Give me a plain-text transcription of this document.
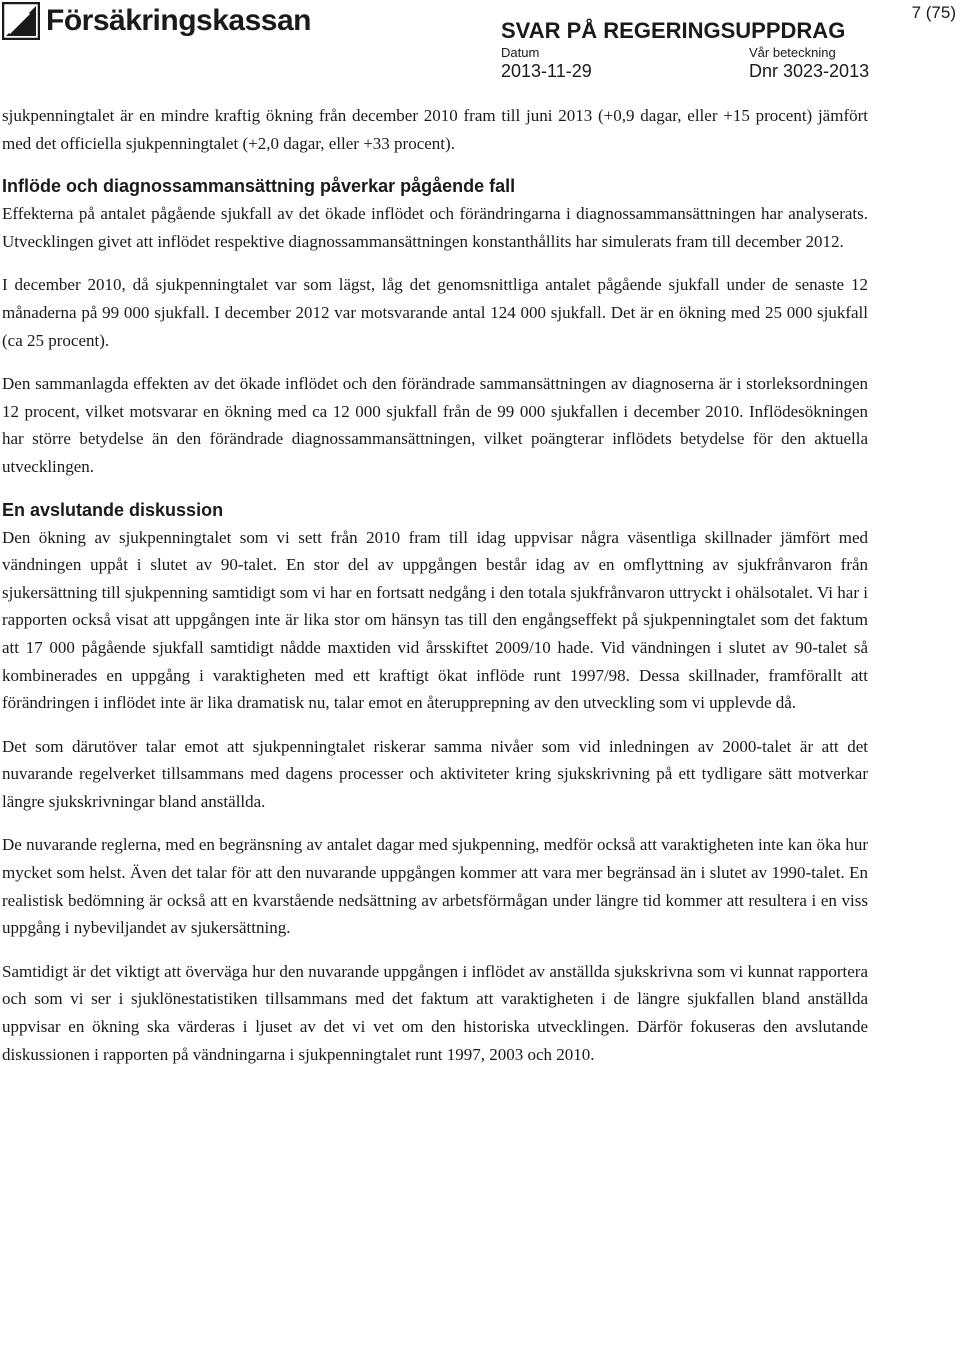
Försäkringskassan	SVAR PÅ REGERINGSUPPDRAG
Datum
2013-11-29
Vår beteckning
Dnr 3023-2013
7 (75)

sjukpenningtalet är en mindre kraftig ökning från december 2010 fram till juni 2013 (+0,9 dagar, eller +15 procent) jämfört med det officiella sjukpenningtalet (+2,0 dagar, eller +33 procent).

Inflöde och diagnossammansättning påverkar pågående fall

Effekterna på antalet pågående sjukfall av det ökade inflödet och förändringarna i diagnossammansättningen har analyserats. Utvecklingen givet att inflödet respektive diagnossammansättningen konstanthållits har simulerats fram till december 2012.

I december 2010, då sjukpenningtalet var som lägst, låg det genomsnittliga antalet pågående sjukfall under de senaste 12 månaderna på 99 000 sjukfall. I december 2012 var motsvarande antal 124 000 sjukfall. Det är en ökning med 25 000 sjukfall (ca 25 procent).

Den sammanlagda effekten av det ökade inflödet och den förändrade sammansättningen av diagnoserna är i storleksordningen 12 procent, vilket motsvarar en ökning med ca 12 000 sjukfall från de 99 000 sjukfallen i december 2010. Inflödesökningen har större betydelse än den förändrade diagnossammansättningen, vilket poängterar inflödets betydelse för den aktuella utvecklingen.

En avslutande diskussion

Den ökning av sjukpenningtalet som vi sett från 2010 fram till idag uppvisar några väsentliga skillnader jämfört med vändningen uppåt i slutet av 90-talet. En stor del av uppgången består idag av en omflyttning av sjukfrånvaron från sjukersättning till sjukpenning samtidigt som vi har en fortsatt nedgång i den totala sjukfrånvaron uttryckt i ohälsotalet. Vi har i rapporten också visat att uppgången inte är lika stor om hänsyn tas till den engångseffekt på sjukpenningtalet som det faktum att 17 000 pågående sjukfall samtidigt nådde maxtiden vid årsskiftet 2009/10 hade. Vid vändningen i slutet av 90-talet så kombinerades en uppgång i varaktigheten med ett kraftigt ökat inflöde runt 1997/98. Dessa skillnader, framförallt att förändringen i inflödet inte är lika dramatisk nu, talar emot en återupprepning av den utveckling som vi upplevde då.

Det som därutöver talar emot att sjukpenningtalet riskerar samma nivåer som vid inledningen av 2000-talet är att det nuvarande regelverket tillsammans med dagens processer och aktiviteter kring sjukskrivning på ett tydligare sätt motverkar längre sjukskrivningar bland anställda.

De nuvarande reglerna, med en begränsning av antalet dagar med sjukpenning, medför också att varaktigheten inte kan öka hur mycket som helst. Även det talar för att den nuvarande uppgången kommer att vara mer begränsad än i slutet av 1990-talet. En realistisk bedömning är också att en kvarstående nedsättning av arbetsförmågan under längre tid kommer att resultera i en viss uppgång i nybeviljandet av sjukersättning.

Samtidigt är det viktigt att överväga hur den nuvarande uppgången i inflödet av anställda sjukskrivna som vi kunnat rapportera och som vi ser i sjuklönestatistiken tillsammans med det faktum att varaktigheten i de längre sjukfallen bland anställda uppvisar en ökning ska värderas i ljuset av det vi vet om den historiska utvecklingen. Därför fokuseras den avslutande diskussionen i rapporten på vändningarna i sjukpenningtalet runt 1997, 2003 och 2010.
